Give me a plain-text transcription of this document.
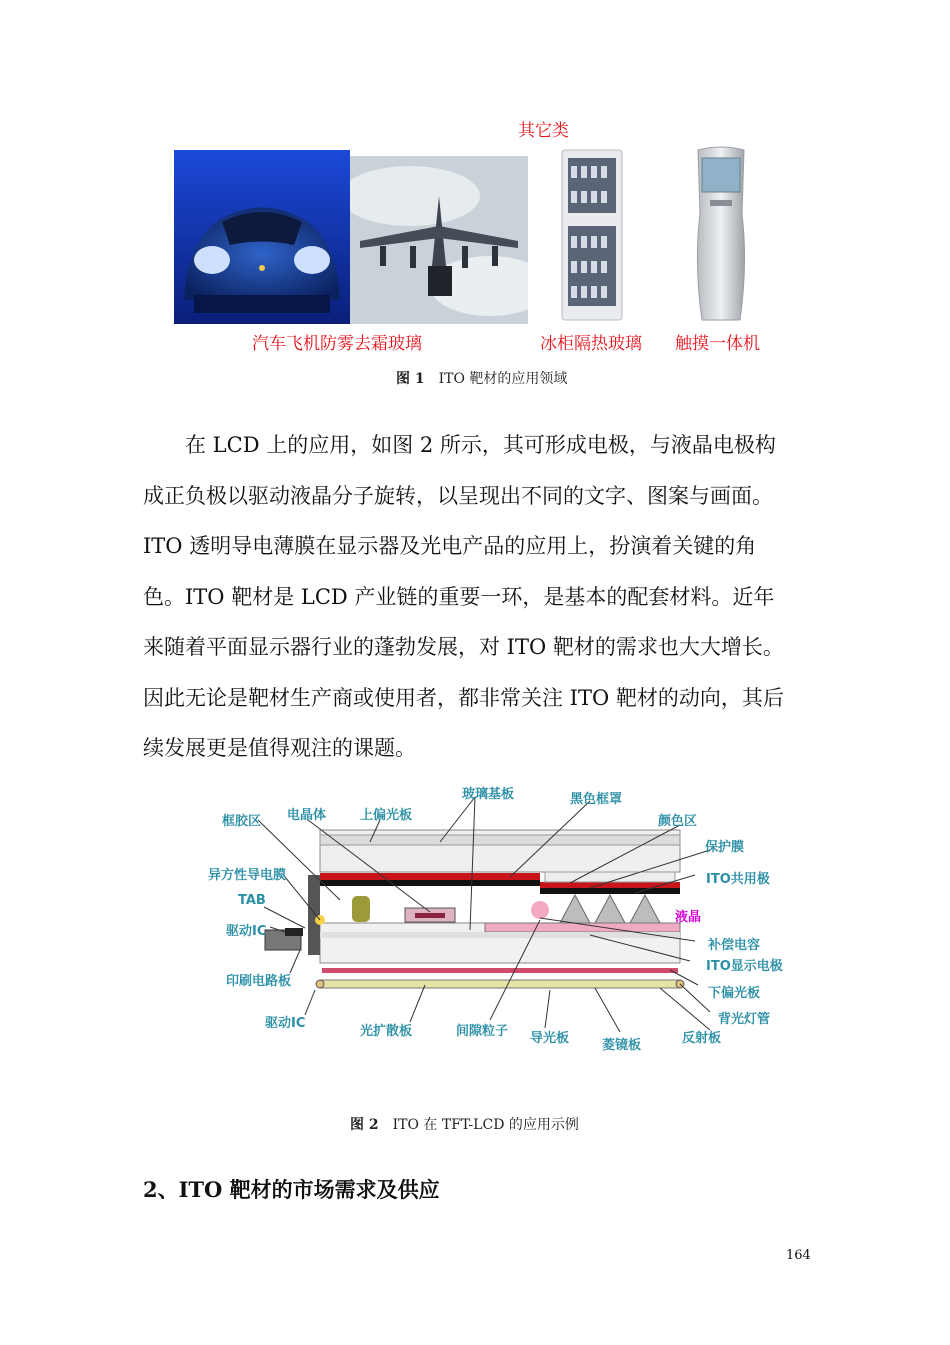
其它类
汽车飞机防雾去霜玻璃	冰柜隔热玻璃 触摸一体机
图 1 ITO 靶材的应用领域
在 LCD 上的应用，如图 2 所示，其可形成电极，与液晶电极构
成正负极以驱动液晶分子旋转，以呈现出不同的文字、图案与画面。
ITO 透明导电薄膜在显示器及光电产品的应用上，扮演着关键的角
色。ITO 靶材是 LCD 产业链的重要一环，是基本的配套材料。近年
来随着平面显示器行业的蓬勃发展，对 ITO 靶材的需求也大大增长。
因此无论是靶材生产商或使用者，都非常关注 ITO 靶材的动向，其后
续发展更是值得观注的课题。
玻璃基板	黑色框罩
框胶区 电晶体	上偏光板	颜色区
保护膜
异方性导电膜	ITO共用极
TAB
驱动IC
液晶
补偿电容
ITO显示电极
印刷电路板
下偏光板
背光灯管
驱动IC
光扩散板	间隙粒子 导光板	菱镜板	反射板
图 2 ITO 在 TFT-LCD 的应用示例
2、ITO 靶材的市场需求及供应
164
